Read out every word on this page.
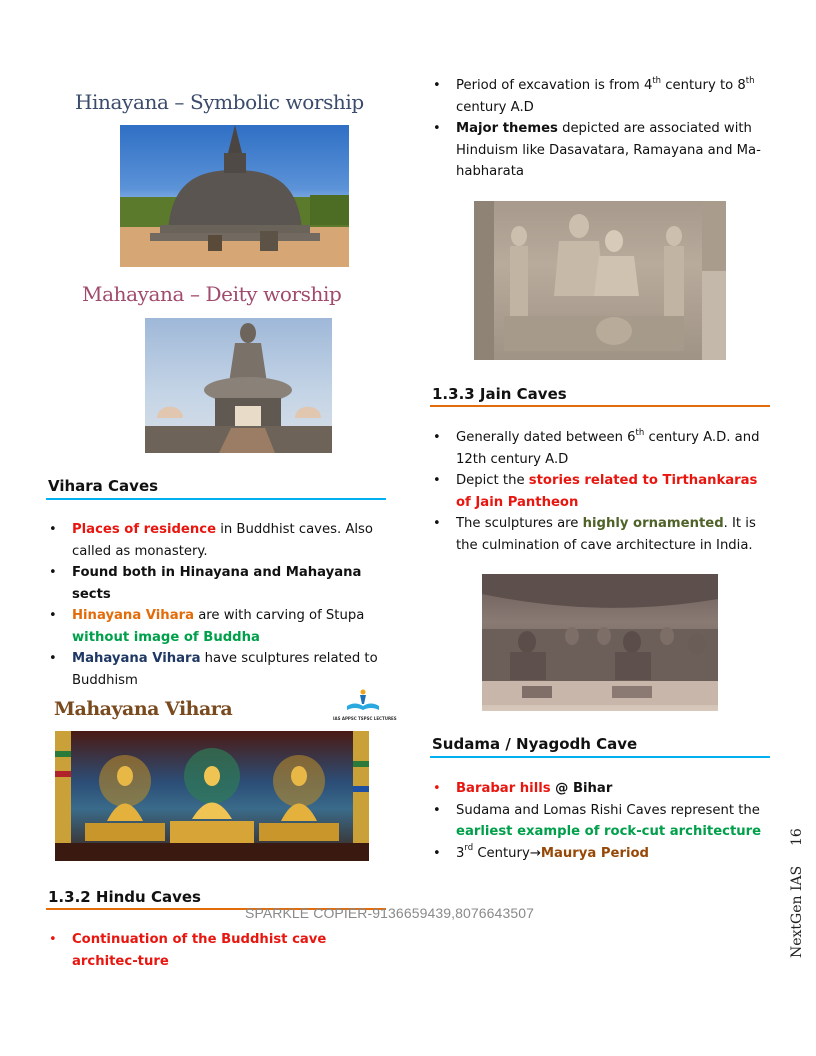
Hinayana – Symbolic worship
Mahayana – Deity worship
Vihara Caves
• Places of residence in Buddhist caves. Also called as monastery.
• Found both in Hinayana and Mahayana sects
• Hinayana Vihara are with carving of Stupa without image of Buddha
• Mahayana Vihara have sculptures related to Buddhism
Mahayana Vihara	IAS APPSC TSPSC LECTURES
1.3.2 Hindu Caves
• Continuation of the Buddhist cave architec-ture
• Period of excavation is from 4th century to 8th century A.D
• Major themes depicted are associated with Hinduism like Dasavatara, Ramayana and Ma-habharata
1.3.3 Jain Caves
• Generally dated between 6th century A.D. and 12th century A.D
• Depict the stories related to Tirthankaras of Jain Pantheon
• The sculptures are highly ornamented. It is the culmination of cave architecture in India.
Sudama / Nyagodh Cave
• Barabar hills @ Bihar
• Sudama and Lomas Rishi Caves represent the earliest example of rock-cut architecture
• 3rd Century→Maurya Period
SPARKLE COPIER-9136659439,8076643507
16
NextGen IAS
